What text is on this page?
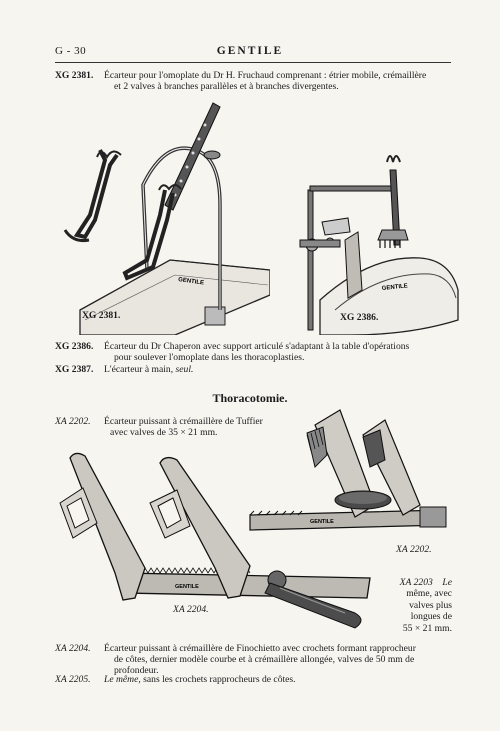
G - 30	GENTILE
XG 2381. Écarteur pour l'omoplate du Dr H. Fruchaud comprenant : étrier mobile, crémaillère
et 2 valves à branches parallèles et à branches divergentes.
GENTILE
XG 2381.
GENTILE
XG 2386.
XG 2386. Écarteur du Dr Chaperon avec support articulé s'adaptant à la table d'opérations
pour soulever l'omoplate dans les thoracoplasties.
XG 2387. L'écarteur à main, seul.
Thoracotomie.
XA 2202. Écarteur puissant à crémaillère de Tuffier
avec valves de 35 × 21 mm.
GENTILE
XA 2202.
GENTILE
XA 2204.
XA 2203 Le
même, avec
valves plus
longues de
55 × 21 mm.
XA 2204. Écarteur puissant à crémaillère de Finochietto avec crochets formant rapprocheur
de côtes, dernier modèle courbe et à crémaillère allongée, valves de 50 mm de
profondeur.
XA 2205. Le même, sans les crochets rapprocheurs de côtes.
